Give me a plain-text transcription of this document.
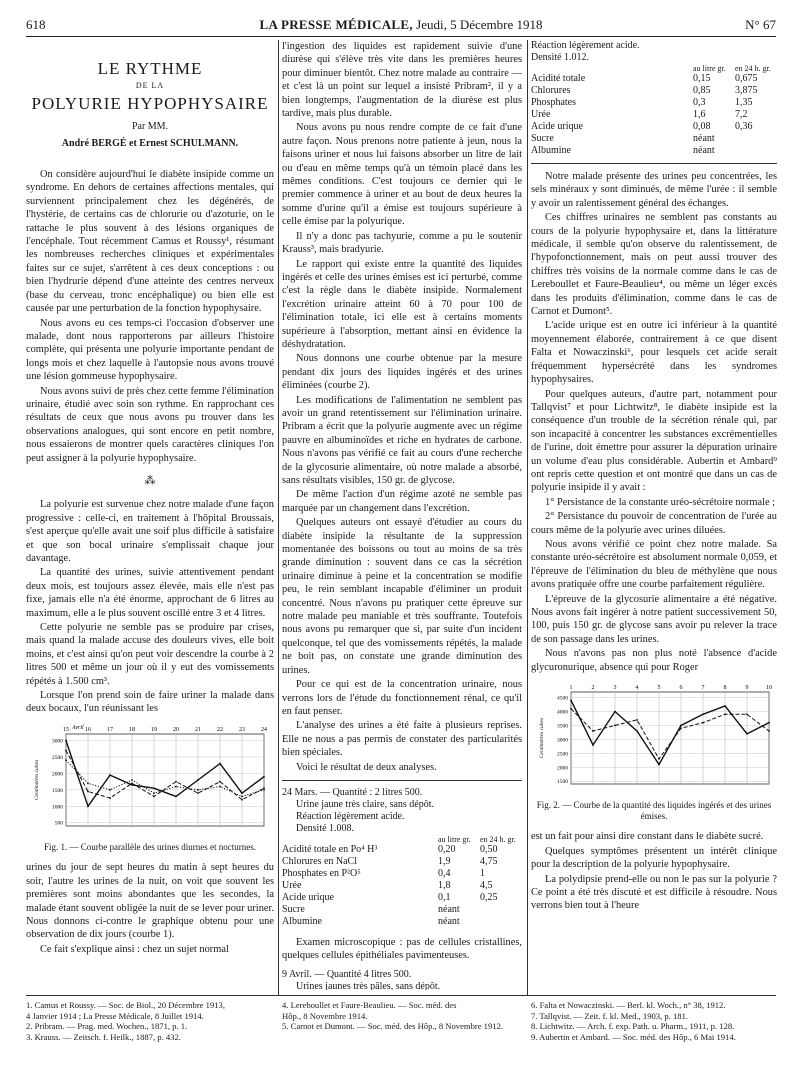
618	LA PRESSE MÉDICALE, Jeudi, 5 Décembre 1918	N° 67
LE RYTHME
DE LA
POLYURIE HYPOPHYSAIRE
Par MM.
André BERGÉ et Ernest SCHULMANN.

On considère aujourd'hui le diabète insipide comme un syndrome. En dehors de certaines affections mentales, qui surviennent principalement chez les dégénérés, de l'hystérie, de certains cas de chlorurie ou d'azoturie, on le rattache le plus souvent à des lésions organiques de l'encéphale. Tout récemment Camus et Roussy¹, résumant les nombreuses recherches cliniques et expérimentales faites sur ce sujet, s'arrêtent à ces deux conceptions : ou bien l'hydrurie dépend d'une atteinte des centres nerveux (base du cerveau, tronc encéphalique) ou bien elle est causée par une perturbation de la fonction hypophysaire.

Nous avons eu ces temps-ci l'occasion d'observer une malade, dont nous rapporterons par ailleurs l'histoire complète, qui présenta une polyurie importante pendant de longs mois et chez laquelle à l'autopsie nous avons trouvé une lésion gommeuse hypophysaire.

Nous avons suivi de près chez cette femme l'élimination urinaire, étudié avec soin son rythme. En rapprochant ces résultats de ceux que nous avons pu trouver dans les observations analogues, qui sont encore en petit nombre, nous essaierons de montrer quels caractères cliniques l'on peut assigner à la polyurie hypophysaire.

⁂

La polyurie est survenue chez notre malade d'une façon progressive : celle-ci, en traitement à l'hôpital Broussais, s'est aperçue qu'elle avait une soif plus difficile à satisfaire et que son bocal urinaire s'emplissait chaque jour davantage.

La quantité des urines, suivie attentivement pendant deux mois, est toujours assez élevée, mais elle n'est pas fixe, jamais elle n'a été énorme, approchant de 6 litres au maximum, elle a le plus souvent oscillé entre 3 et 4 litres.

Cette polyurie ne semble pas se produire par crises, mais quand la malade accuse des douleurs vives, elle boit moins, et c'est ainsi qu'on peut voir descendre la courbe à 2 litres 500 et même un jour où il y eut des vomissements répétés à 1.500 cm³.

Lorsque l'on prend soin de faire uriner la malade dans deux bocaux, l'un réunissant les

15	16	17	18	19	20	21	22	23	24
3000
2500
2000
1500
1000
500
Avril
Centimètres cubes
Fig. 1. — Courbe parallèle des urines diurnes et nocturnes.

urines du jour de sept heures du matin à sept heures du soir, l'autre les urines de la nuit, on voit que souvent les premières sont moins abondantes que les secondes, la malade étant souvent obligée la nuit de se lever pour uriner. Nous donnons ci-contre le graphique obtenu pour une observation de dix jours (courbe 1).

Ce fait s'explique ainsi : chez un sujet normal

l'ingestion des liquides est rapidement suivie d'une diurèse qui s'élève très vite dans les premières heures pour diminuer bientôt. Chez notre malade au contraire — et c'est là un point sur lequel a insisté Pribram², il y a bien longtemps, l'augmentation de la diurèse est plus tardive, mais plus durable.

Nous avons pu nous rendre compte de ce fait d'une autre façon. Nous prenons notre patiente à jeun, nous la faisons uriner et nous lui faisons absorber un litre de lait ou d'eau en même temps qu'à un témoin placé dans les mêmes conditions. C'est toujours ce dernier qui le premier commence à uriner et au bout de deux heures la somme d'urine qu'il a émise est toujours supérieure à celle émise par la polyurique.

Il n'y a donc pas tachyurie, comme a pu le soutenir Krauss³, mais bradyurie.

Le rapport qui existe entre la quantité des liquides ingérés et celle des urines émises est ici perturbé, comme c'est la règle dans le diabète insipide. Normalement l'excrétion urinaire atteint 60 à 70 pour 100 de l'élimination totale, ici elle est à certains moments supérieure à l'absorption, mettant ainsi en évidence la déshydratation.

Nous donnons une courbe obtenue par la mesure pendant dix jours des liquides ingérés et des urines éliminées (courbe 2).

Les modifications de l'alimentation ne semblent pas avoir un grand retentissement sur l'élimination urinaire. Pribram a écrit que la polyurie augmente avec un régime pauvre en albuminoïdes et riche en hydrates de carbone. Nous n'avons pas vérifié ce fait au cours d'une recherche de la glycosurie alimentaire, où notre malade a absorbé, sans résultats visibles, 150 gr. de glycose.

De même l'action d'un régime azoté ne semble pas marquée par un changement dans l'excrétion.

Quelques auteurs ont essayé d'étudier au cours du diabète insipide la résultante de la suppression momentanée des boissons ou tout au moins de sa très grande diminution : souvent dans ce cas la sécrétion urinaire diminue à peine et la concentration se modifie peu, le rein semblant incapable d'éliminer un produit concentré. Nous n'avons pu pratiquer cette épreuve sur notre malade peu maniable et très souffrante. Toutefois nous avons pu remarquer que si, par suite d'un incident quelconque, tel que des vomissements répétés, la malade ne boit pas, on constate une grande diminution des urines.

Pour ce qui est de la concentration urinaire, nous verrons lors de l'étude du fonctionnement rénal, ce qu'il en faut penser.

L'analyse des urines a été faite à plusieurs reprises. Elle ne nous a pas permis de constater des particularités bien spéciales.

Voici le résultat de deux analyses.

24 Mars. — Quantité : 2 litres 500.
Urine jaune très claire, sans dépôt.
Réaction légèrement acide.
Densité 1.008.
	au litre gr.	en 24 h. gr.
Acidité totale en Po⁴ H³	0,20	0,50
Chlorures en NaCl	1,9	4,75
Phosphates en P²O⁵	0,4	1
Urée	1,8	4,5
Acide urique	0,1	0,25
Sucre	néant	
Albumine	néant	

Examen microscopique : pas de cellules cristallines, quelques cellules épithéliales pavimenteuses.

9 Avril. — Quantité 4 litres 500.
Urines jaunes très pâles, sans dépôt.
Réaction légèrement acide.
Densité 1.012.
	au litre gr.	en 24 h. gr.
Acidité totale	0,15	0,675
Chlorures	0,85	3,875
Phosphates	0,3	1,35
Urée	1,6	7,2
Acide urique	0,08	0,36
Sucre	néant	
Albumine	néant	

Notre malade présente des urines peu concentrées, les sels minéraux y sont diminués, de même l'urée : il semble y avoir un ralentissement général des échanges.

Ces chiffres urinaires ne semblent pas constants au cours de la polyurie hypophysaire et, dans la littérature médicale, il semble qu'on observe du ralentissement, de l'hypofonctionnement, mais on peut aussi trouver des chiffres très voisins de la normale comme dans le cas de Lereboullet et Faure-Beaulieu⁴, ou même un léger excès dans les produits d'élimination, comme dans le cas de Carnot et Dumont⁵.

L'acide urique est en outre ici inférieur à la quantité moyennement élaborée, contrairement à ce que disent Falta et Nowaczinski⁶, pour lesquels cet acide serait fréquemment hypersécrété dans les syndromes hypophysaires.

Pour quelques auteurs, d'autre part, notamment pour Tallqvist⁷ et pour Lichtwitz⁸, le diabète insipide est la conséquence d'un trouble de la sécrétion rénale qui, par son incapacité à concentrer les substances excrémentielles de l'urine, doit émettre pour assurer la dépuration urinaire un volume d'eau plus considérable. Aubertin et Ambard⁹ ont repris cette question et ont montré que dans un cas de polyurie insipide il y avait :

1° Persistance de la constante uréo-sécrétoire normale ;

2° Persistance du pouvoir de concentration de l'urée au cours même de la polyurie avec urines diluées.

Nous avons vérifié ce point chez notre malade. Sa constante uréo-sécrétoire est absolument normale 0,059, et l'épreuve de l'élimination du bleu de méthylène que nous avons pratiquée offre une courbe parfaitement régulière.

L'épreuve de la glycosurie alimentaire a été négative. Nous avons fait ingérer à notre patient successivement 50, 100, puis 150 gr. de glycose sans avoir pu relever la trace de son passage dans les urines.

Nous n'avons pas non plus noté l'absence d'acide glycuronurique, absence qui pour Roger

1	2	3	4	5	6	7	8	9	10
4500
4000
3500
3000
2500
2000
1500
Centimètres cubes
Fig. 2. — Courbe de la quantité des liquides ingérés et des urines émises.

est un fait pour ainsi dire constant dans le diabète sucré.

Quelques symptômes présentent un intérêt clinique pour la description de la polyurie hypophysaire.

La polydipsie prend-elle ou non le pas sur la polyurie ? Ce point a été très discuté et est difficile à résoudre. Nous verrons bien tout à l'heure

1. Camus et Roussy. — Soc. de Biol., 20 Décembre 1913,
4 Janvier 1914 ; La Presse Médicale, 8 Juillet 1914.
2. Pribram. — Prag. med. Wochen., 1871, p. 1.
3. Krauss. — Zeitsch. f. Heilk., 1887, p. 432.
4. Lereboullet et Faure-Beaulieu. — Soc. méd. des
Hôp., 8 Novembre 1914.
5. Carnot et Dumont. — Soc. méd. des Hôp., 8 Novembre 1912.
6. Falta et Nowaczinski. — Berl. kl. Woch., n° 38, 1912.
7. Tallqvist. — Zeit. f. kl. Med., 1903, p. 181.
8. Lichtwitz. — Arch. f. exp. Path. u. Pharm., 1911, p. 128.
9. Aubertin et Ambard. — Soc. méd. des Hôp., 6 Mai 1914.
